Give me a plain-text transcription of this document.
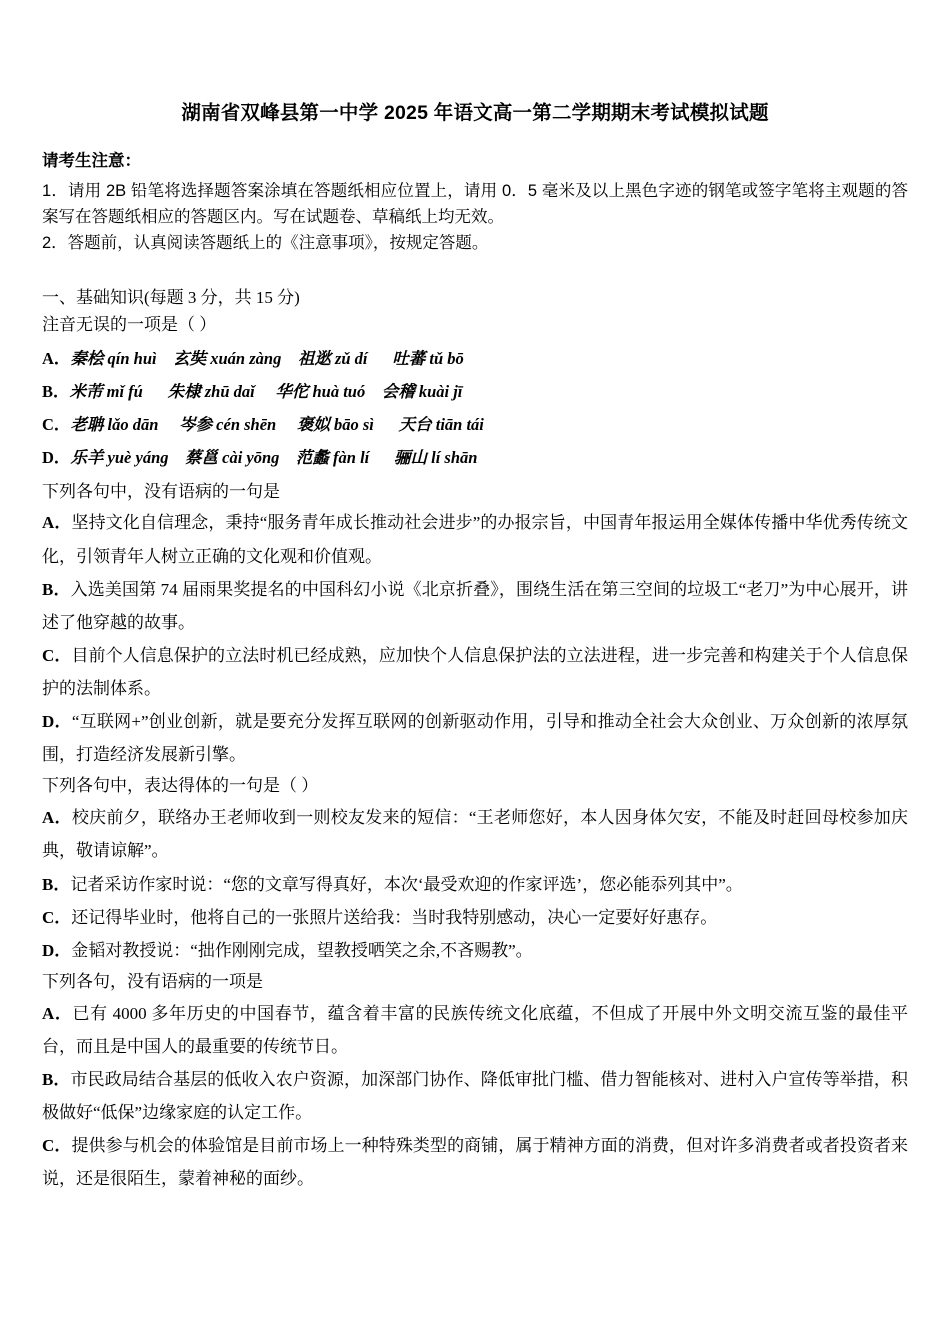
湖南省双峰县第一中学 2025 年语文高一第二学期期末考试模拟试题

请考生注意：

1．请用 2B 铅笔将选择题答案涂填在答题纸相应位置上，请用 0．5 毫米及以上黑色字迹的钢笔或签字笔将主观题的答案写在答题纸相应的答题区内。写在试题卷、草稿纸上均无效。

2．答题前，认真阅读答题纸上的《注意事项》，按规定答题。

一、基础知识(每题 3 分，共 15 分)

注音无误的一项是（ ）

A．秦桧 qín huì    玄奘 xuán zàng    祖逖 zǔ dí      吐蕃 tǔ bō

B．米芾 mǐ fú      朱棣 zhū daǐ     华佗 huà tuó    会稽 kuài jī

C．老聃 lǎo dān     岑参 cén shēn     褒姒 bāo sì      天台 tiān tái

D．乐羊 yuè yáng    蔡邕 cài yōng    范蠡 fàn lí      骊山 lí shān

下列各句中，没有语病的一句是

A．坚持文化自信理念，秉持“服务青年成长推动社会进步”的办报宗旨，中国青年报运用全媒体传播中华优秀传统文化，引领青年人树立正确的文化观和价值观。

B．入选美国第 74 届雨果奖提名的中国科幻小说《北京折叠》，围绕生活在第三空间的垃圾工“老刀”为中心展开，讲述了他穿越的故事。

C．目前个人信息保护的立法时机已经成熟，应加快个人信息保护法的立法进程，进一步完善和构建关于个人信息保护的法制体系。

D．“互联网+”创业创新，就是要充分发挥互联网的创新驱动作用，引导和推动全社会大众创业、万众创新的浓厚氛围，打造经济发展新引擎。

下列各句中，表达得体的一句是（ ）

A．校庆前夕，联络办王老师收到一则校友发来的短信：“王老师您好，本人因身体欠安，不能及时赶回母校参加庆典，敬请谅解”。

B．记者采访作家时说：“您的文章写得真好，本次‘最受欢迎的作家评选’，您必能忝列其中”。

C．还记得毕业时，他将自己的一张照片送给我：当时我特别感动，决心一定要好好惠存。

D．金韬对教授说：“拙作刚刚完成，望教授哂笑之余,不吝赐教”。

下列各句，没有语病的一项是

A．已有 4000 多年历史的中国春节，蕴含着丰富的民族传统文化底蕴，不但成了开展中外文明交流互鉴的最佳平台，而且是中国人的最重要的传统节日。

B．市民政局结合基层的低收入农户资源，加深部门协作、降低审批门槛、借力智能核对、进村入户宣传等举措，积极做好“低保”边缘家庭的认定工作。

C．提供参与机会的体验馆是目前市场上一种特殊类型的商铺，属于精神方面的消费，但对许多消费者或者投资者来说，还是很陌生，蒙着神秘的面纱。
